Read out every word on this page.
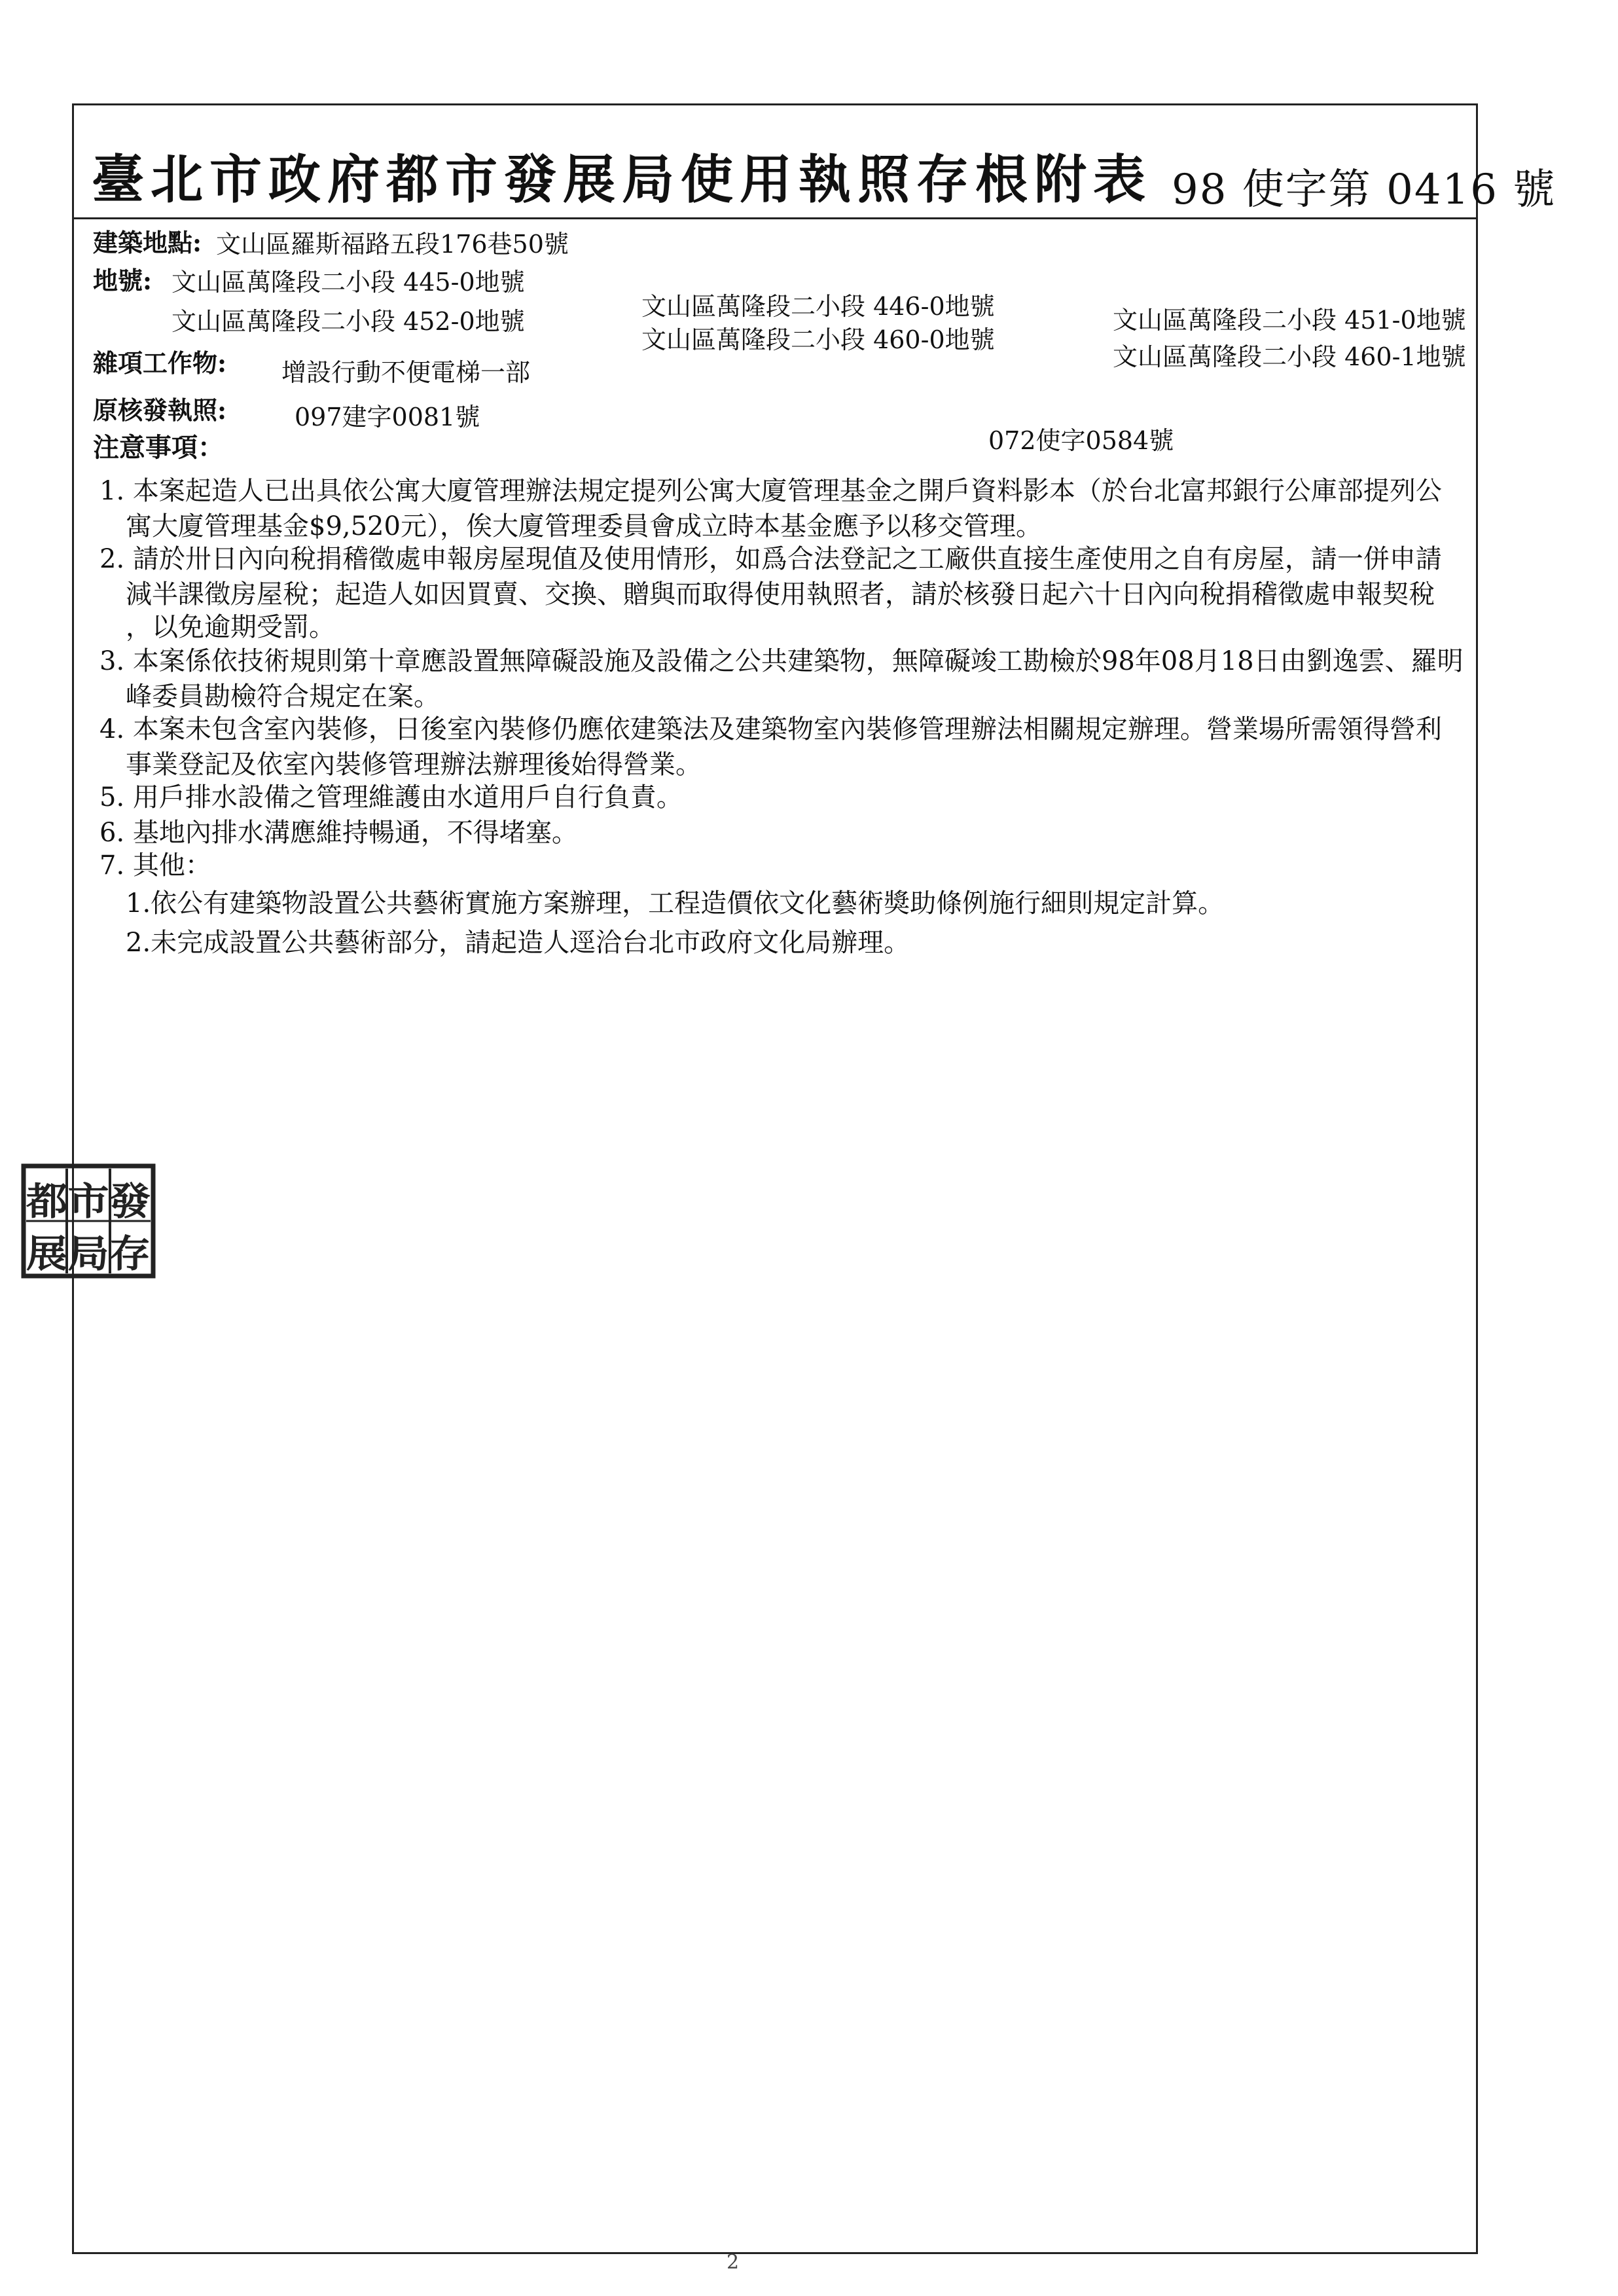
臺北市政府都市發展局使用執照存根附表 98 使字第 0416 號
建築地點: 文山區羅斯福路五段176巷50號
地號: 文山區萬隆段二小段 445-0地號
文山區萬隆段二小段 452-0地號
文山區萬隆段二小段 446-0地號
文山區萬隆段二小段 460-0地號
文山區萬隆段二小段 451-0地號
文山區萬隆段二小段 460-1地號
雜項工作物: 增設行動不便電梯一部
原核發執照:	097建字0081號
072使字0584號
注意事項：
1. 本案起造人已出具依公寓大廈管理辦法規定提列公寓大廈管理基金之開戶資料影本（於台北富邦銀行公庫部提列公
寓大廈管理基金$9,520元），俟大廈管理委員會成立時本基金應予以移交管理。
2. 請於卅日內向稅捐稽徵處申報房屋現值及使用情形，如爲合法登記之工廠供直接生產使用之自有房屋，請一併申請
減半課徵房屋稅；起造人如因買賣、交換、贈與而取得使用執照者，請於核發日起六十日內向稅捐稽徵處申報契稅
，以免逾期受罰。
3. 本案係依技術規則第十章應設置無障礙設施及設備之公共建築物，無障礙竣工勘檢於98年08月18日由劉逸雲、羅明
峰委員勘檢符合規定在案。
4. 本案未包含室內裝修，日後室內裝修仍應依建築法及建築物室內裝修管理辦法相關規定辦理。營業場所需領得營利
事業登記及依室內裝修管理辦法辦理後始得營業。
5. 用戶排水設備之管理維護由水道用戶自行負責。
6. 基地內排水溝應維持暢通，不得堵塞。
7. 其他：
1.依公有建築物設置公共藝術實施方案辦理，工程造價依文化藝術獎助條例施行細則規定計算。
2.未完成設置公共藝術部分，請起造人逕洽台北市政府文化局辦理。
都市發
展局存
2
